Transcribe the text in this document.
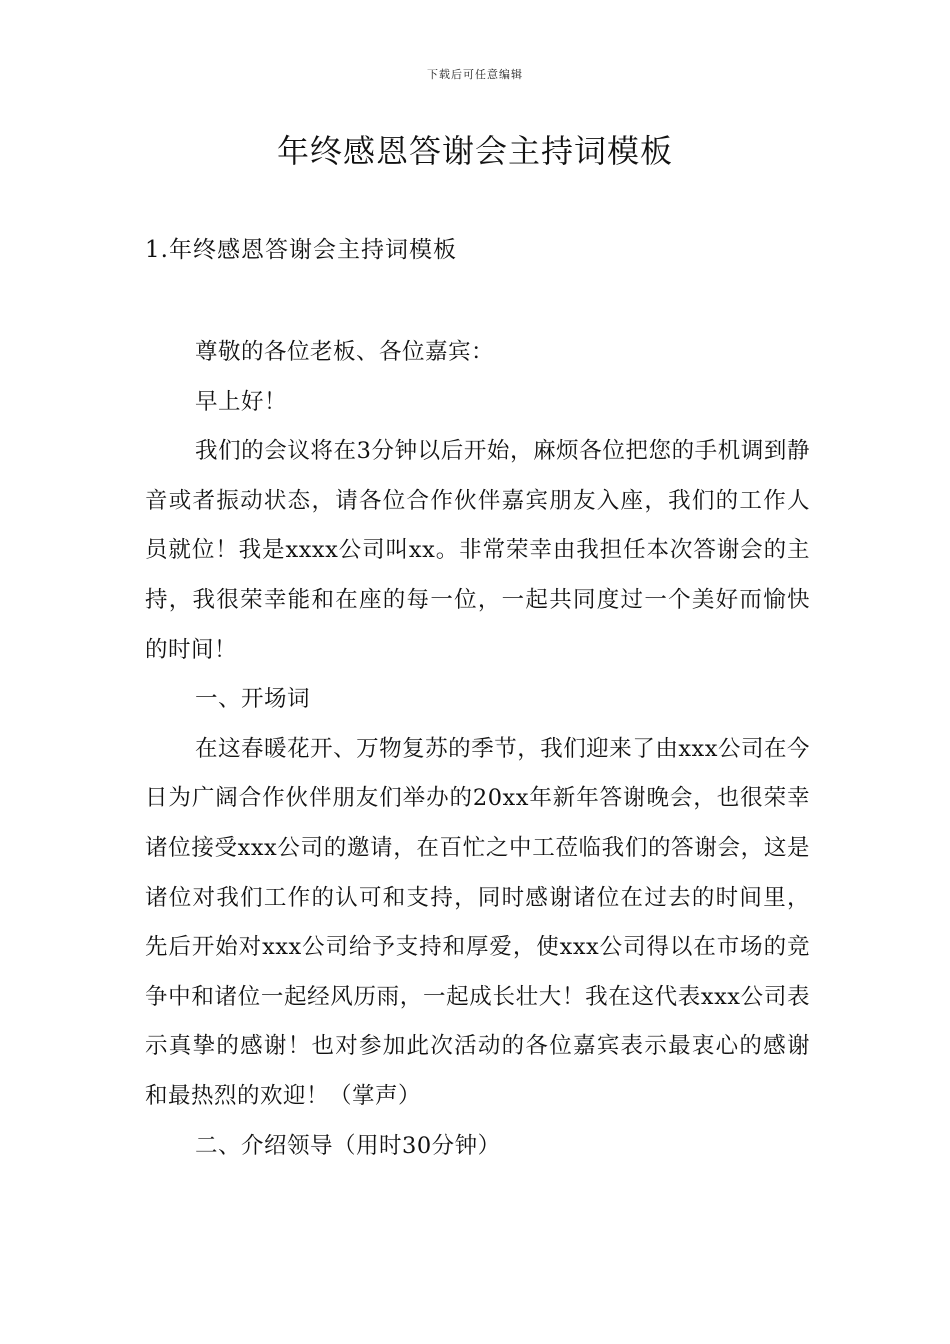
下载后可任意编辑
年终感恩答谢会主持词模板
1.年终感恩答谢会主持词模板

尊敬的各位老板、各位嘉宾：

早上好！

我们的会议将在3分钟以后开始，麻烦各位把您的手机调到静音或者振动状态，请各位合作伙伴嘉宾朋友入座，我们的工作人员就位！我是xxxx公司叫xx。非常荣幸由我担任本次答谢会的主持，我很荣幸能和在座的每一位，一起共同度过一个美好而愉快的时间！

一、开场词

在这春暖花开、万物复苏的季节，我们迎来了由xxx公司在今日为广阔合作伙伴朋友们举办的20xx年新年答谢晚会，也很荣幸诸位接受xxx公司的邀请，在百忙之中工莅临我们的答谢会，这是诸位对我们工作的认可和支持，同时感谢诸位在过去的时间里，先后开始对xxx公司给予支持和厚爱，使xxx公司得以在市场的竞争中和诸位一起经风历雨，一起成长壮大！我在这代表xxx公司表示真挚的感谢！也对参加此次活动的各位嘉宾表示最衷心的感谢和最热烈的欢迎！（掌声）

二、介绍领导（用时30分钟）
